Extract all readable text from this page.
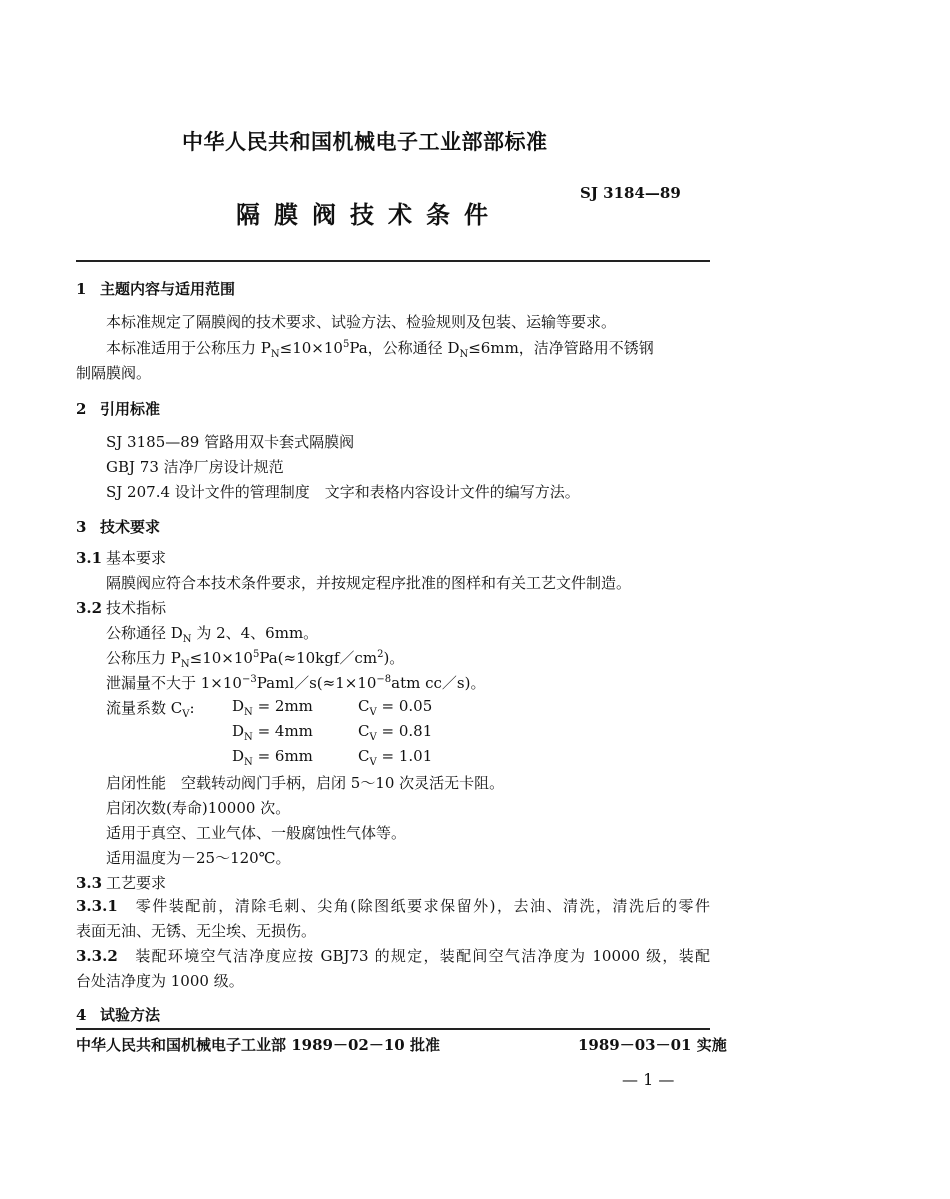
中华人民共和国机械电子工业部部标准
隔膜阀技术条件
SJ 3184—89
1 主题内容与适用范围
本标准规定了隔膜阀的技术要求、试验方法、检验规则及包装、运输等要求。
本标准适用于公称压力 $P_N\le 10\times 10^5Pa$，公称通径 $D_N\le 6mm$，洁净管路用不锈钢
制隔膜阀。
2 引用标准
SJ 3185—89 管路用双卡套式隔膜阀
GBJ 73 洁净厂房设计规范
SJ 207.4 设计文件的管理制度　文字和表格内容设计文件的编写方法。
3 技术要求
3.1 基本要求
隔膜阀应符合本技术条件要求，并按规定程序批准的图样和有关工艺文件制造。
3.2 技术指标
公称通径 $D_N$ 为 2、4、6mm。
公称压力 $P_N\le 10\times 10^5Pa(\approx 10kgf/cm^2)$。
泄漏量不大于 $1\times 10^{-3}Paml/s(\approx 1\times 10^{-8}atm$ cc／s)。
流量系数 $C_V$: $D_N = 2mm$	$C_V = 0.05$
$D_N = 4mm$	$C_V = 0.81$
$D_N = 6mm$	$C_V = 1.01$
启闭性能　空载转动阀门手柄，启闭 5～10 次灵活无卡阻。
启闭次数(寿命)10000 次。
适用于真空、工业气体、一般腐蚀性气体等。
适用温度为－25～120℃。
3.3 工艺要求
3.3.1　 零件装配前，清除毛刺、尖角(除图纸要求保留外)，去油、清洗，清洗后的零件
表面无油、无锈、无尘埃、无损伤。
3.3.2　 装配环境空气洁净度应按 GBJ73 的规定，装配间空气洁净度为 10000 级，装配
台处洁净度为 1000 级。
4 试验方法
中华人民共和国机械电子工业部 1989－02－10 批准	1989－03－01 实施
— 1 —
